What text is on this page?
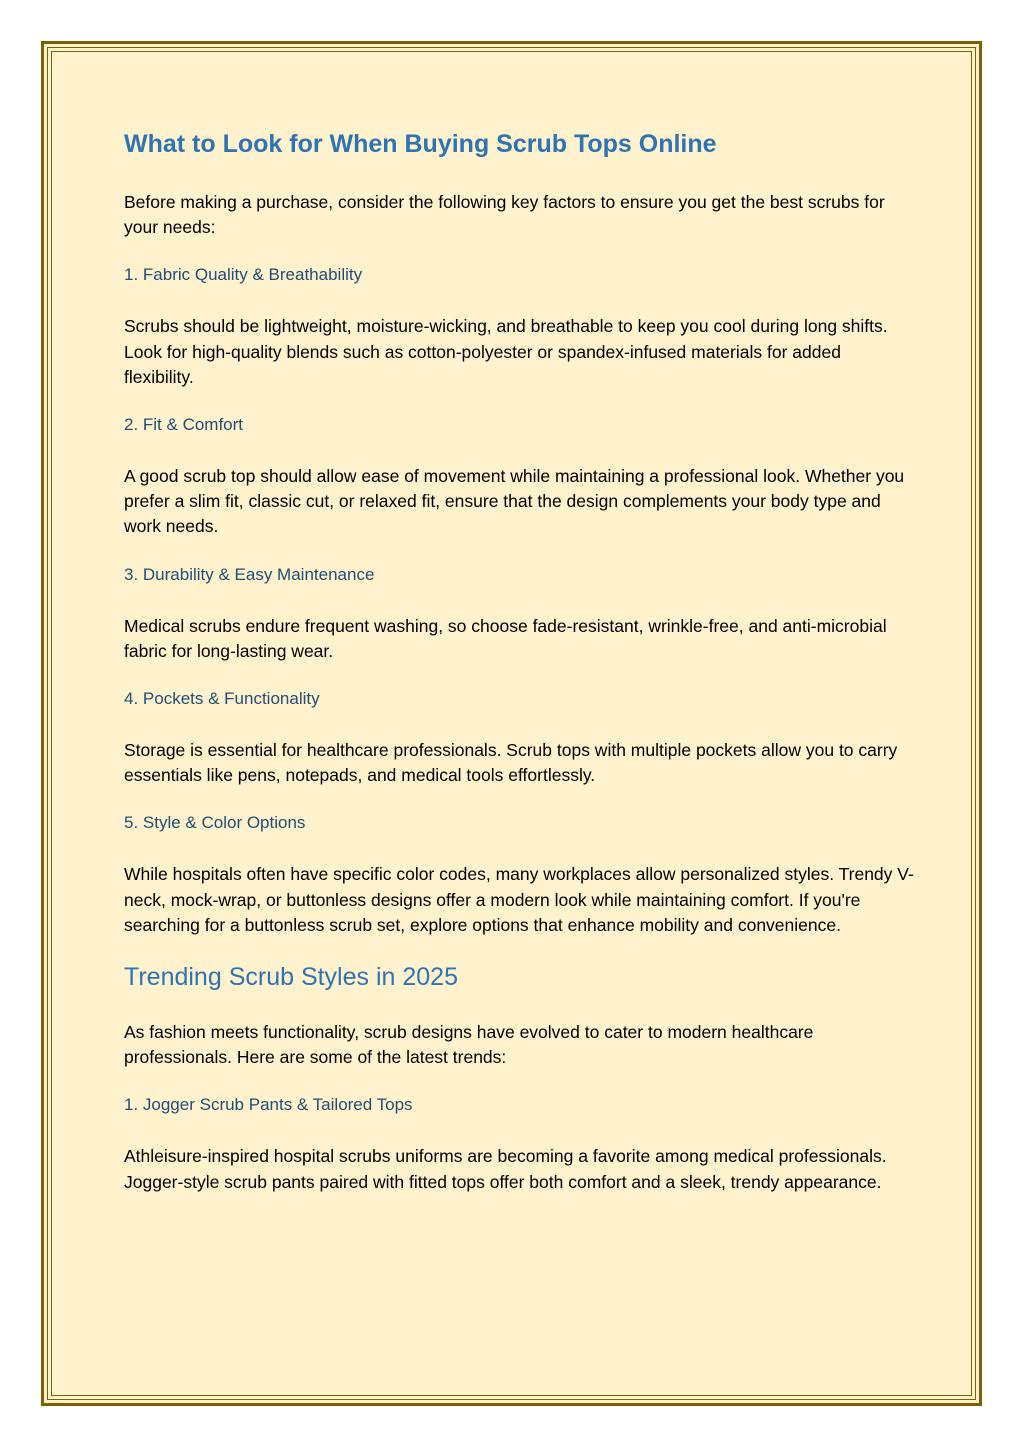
What to Look for When Buying Scrub Tops Online

Before making a purchase, consider the following key factors to ensure you get the best scrubs for your needs:

1. Fabric Quality & Breathability

Scrubs should be lightweight, moisture-wicking, and breathable to keep you cool during long shifts. Look for high-quality blends such as cotton-polyester or spandex-infused materials for added flexibility.

2. Fit & Comfort

A good scrub top should allow ease of movement while maintaining a professional look. Whether you prefer a slim fit, classic cut, or relaxed fit, ensure that the design complements your body type and work needs.

3. Durability & Easy Maintenance

Medical scrubs endure frequent washing, so choose fade-resistant, wrinkle-free, and anti-microbial fabric for long-lasting wear.

4. Pockets & Functionality

Storage is essential for healthcare professionals. Scrub tops with multiple pockets allow you to carry essentials like pens, notepads, and medical tools effortlessly.

5. Style & Color Options

While hospitals often have specific color codes, many workplaces allow personalized styles. Trendy V-neck, mock-wrap, or buttonless designs offer a modern look while maintaining comfort. If you're searching for a buttonless scrub set, explore options that enhance mobility and convenience.

Trending Scrub Styles in 2025

As fashion meets functionality, scrub designs have evolved to cater to modern healthcare professionals. Here are some of the latest trends:

1. Jogger Scrub Pants & Tailored Tops

Athleisure-inspired hospital scrubs uniforms are becoming a favorite among medical professionals. Jogger-style scrub pants paired with fitted tops offer both comfort and a sleek, trendy appearance.
